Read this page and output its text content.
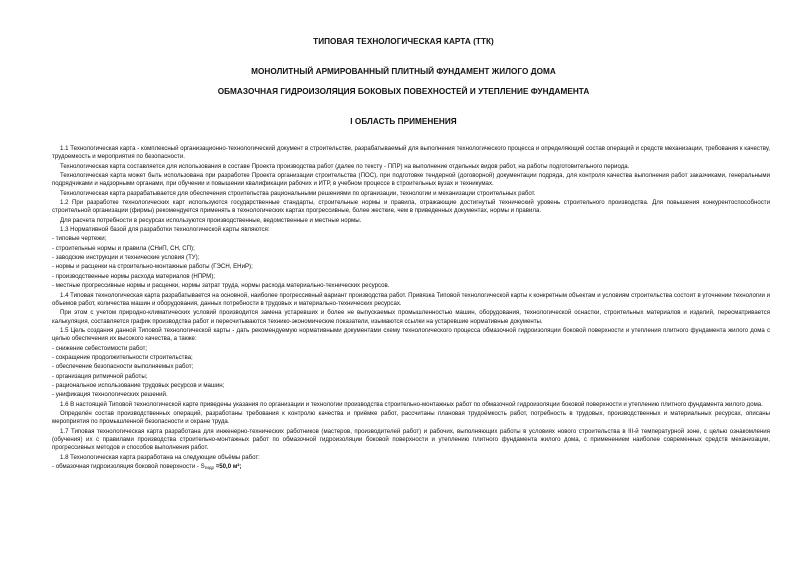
ТИПОВАЯ ТЕХНОЛОГИЧЕСКАЯ КАРТА (ТТК)
МОНОЛИТНЫЙ АРМИРОВАННЫЙ ПЛИТНЫЙ ФУНДАМЕНТ ЖИЛОГО ДОМА
ОБМАЗОЧНАЯ ГИДРОИЗОЛЯЦИЯ БОКОВЫХ ПОВЕХНОСТЕЙ И УТЕПЛЕНИЕ ФУНДАМЕНТА
I ОБЛАСТЬ ПРИМЕНЕНИЯ

1.1 Технологическая карта - комплексный организационно-технологический документ в строительстве, разрабатываемый для выполнения технологического процесса и определяющий состав операций и средств механизации, требования к качеству, трудоемкость и мероприятия по безопасности.

Технологическая карта составляется для использования в составе Проекта производства работ (далее по тексту - ППР) на выполнение отдельных видов работ, на работы подготовительного периода.

Технологическая карта может быть использована при разработке Проекта организации строительства (ПОС), при подготовке тендерной (договорной) документации подряда, для контроля качества выполнения работ заказчиками, генеральными подрядчиками и надзорными органами, при обучении и повышении квалификации рабочих и ИТР, в учебном процессе в строительных вузах и техникумах.

Технологическая карта разрабатывается для обеспечения строительства рациональными решениями по организации, технологии и механизации строительных работ.

1.2 При разработке технологических карт используются государственные стандарты, строительные нормы и правила, отражающие достигнутый технический уровень строительного производства. Для повышения конкурентоспособности строительной организации (фирмы) рекомендуется применять в технологических картах прогрессивные, более жесткие, чем в приведенных документах, нормы и правила.

Для расчета потребности в ресурсах используются производственные, ведомственные и местные нормы.

1.3 Нормативной базой для разработки технологической карты являются:

- типовые чертежи;
- строительные нормы и правила (СНиП, СН, СП);
- заводские инструкции и технические условия (ТУ);
- нормы и расценки на строительно-монтажные работы (ГЭСН, ЕНиР);
- производственные нормы расхода материалов (НПРМ);
- местные прогрессивные нормы и расценки, нормы затрат труда, нормы расхода материально-технических ресурсов.

1.4 Типовая технологическая карта разрабатывается на основной, наиболее прогрессивный вариант производства работ. Привязка Типовой технологической карты к конкретным объектам и условиям строительства состоит в уточнении технологии и объемов работ, количества машин и оборудования, данных потребности в трудовых и материально-технических ресурсах.

При этом с учетом природно-климатических условий производится замена устаревших и более не выпускаемых промышленностью машин, оборудования, технологической оснастки, строительных материалов и изделий, пересматривается калькуляция, составляется график производства работ и пересчитываются технико-экономические показатели, изымаются ссылки на устаревшие нормативные документы.

1.5 Цель создания данной Типовой технологической карты - дать рекомендуемую нормативными документами схему технологического процесса обмазочной гидроизоляции боковой поверхности и утепления плитного фундамента жилого дома с целью обеспечения их высокого качества, а также:

- снижение себестоимости работ;
- сокращение продолжительности строительства;
- обеспечение безопасности выполняемых работ;
- организация ритмичной работы;
- рациональное использование трудовых ресурсов и машин;
- унификация технологических решений.

1.6 В настоящей Типовой технологической карте приведены указания по организации и технологии производства строительно-монтажных работ по обмазочной гидроизоляции боковой поверхности и утеплению плитного фундамента жилого дома.

Определён состав производственных операций, разработаны требования к контролю качества и приёмке работ, рассчитаны плановая трудоёмкость работ, потребность в трудовых, производственных и материальных ресурсах, описаны мероприятия по промышленной безопасности и охране труда.

1.7 Типовая технологическая карта разработана для инженерно-технических работников (мастеров, производителей работ) и рабочих, выполняющих работы в условиях нового строительства в III-й температурной зоне, с целью ознакомления (обучения) их с правилами производства строительно-монтажных работ по обмазочной гидроизоляции боковой поверхности и утеплению плитного фундамента жилого дома, с применением наиболее современных средств механизации, прогрессивных методов и способов выполнения работ.

1.8 Технологическая карта разработана на следующие объёмы работ:

- обмазочная гидроизоляция боковой поверхности - Sгидр =50,0 м²;
